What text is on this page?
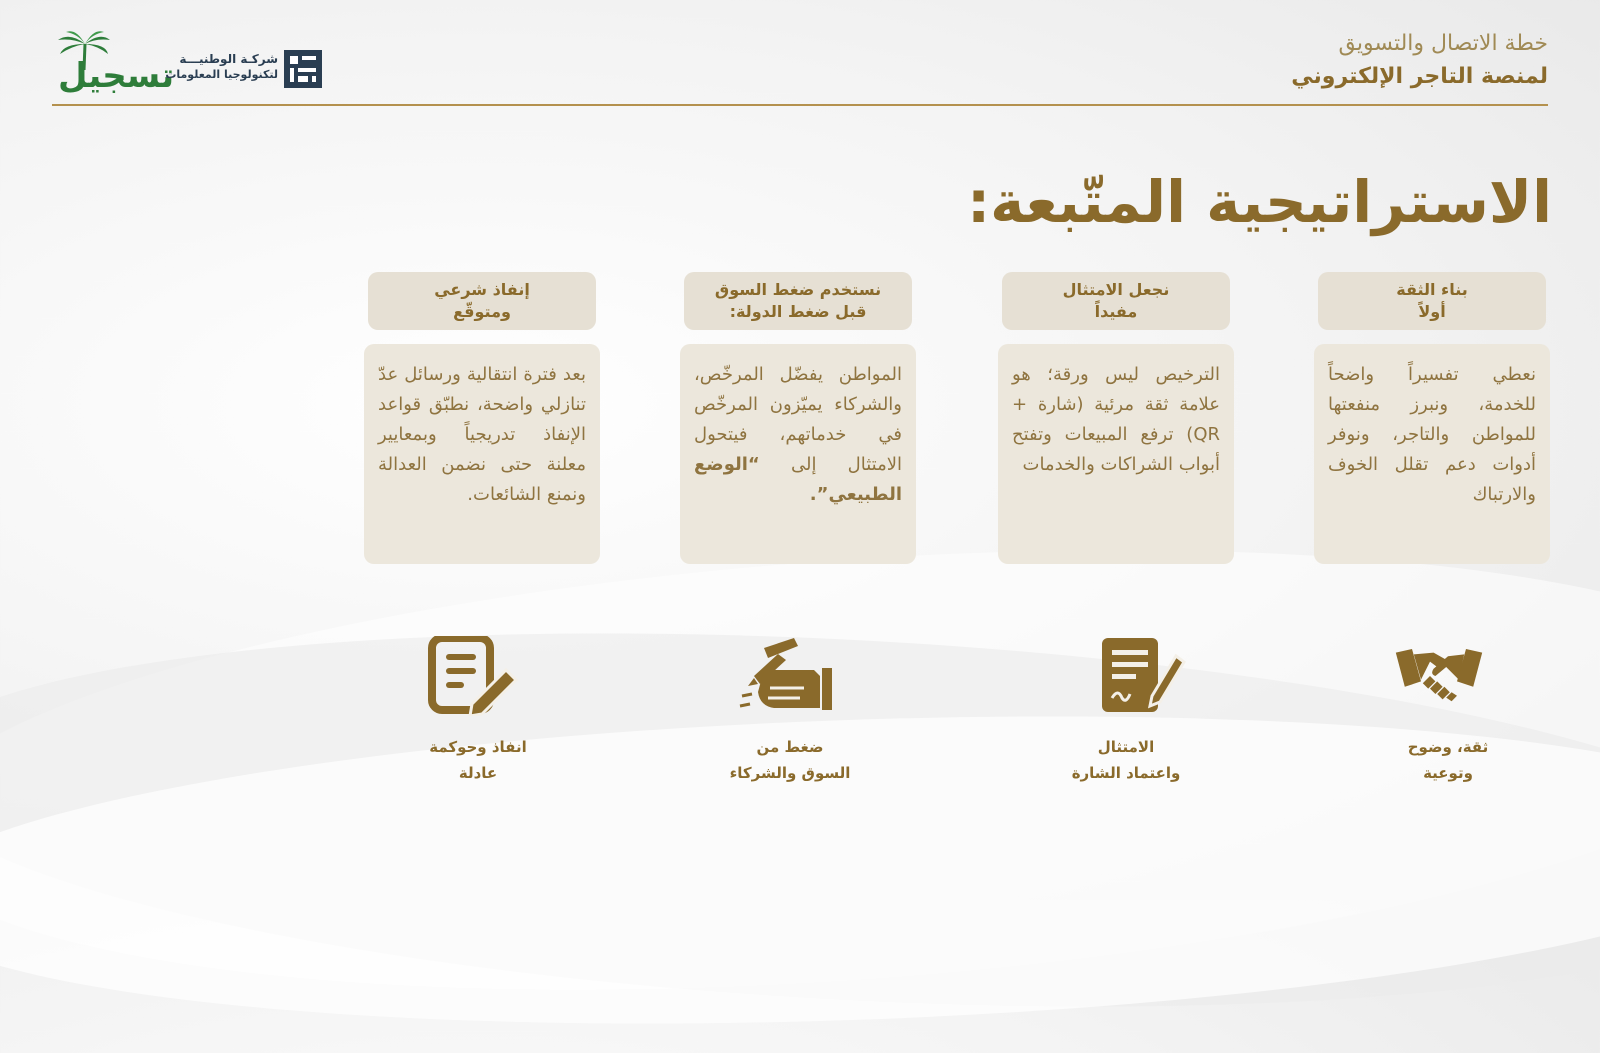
خطة الاتصال والتسويق
لمنصة التاجر الإلكتروني
تسجيل شركـة الوطنيـــة
لتكنولوجيا المعلومات
الاستراتيجية المتّبعة:
بناء الثقة
أولاً
نعطي تفسيراً واضحاً للخدمة، ونبرز منفعتها للمواطن والتاجر، ونوفر أدوات دعم تقلل الخوف والارتباك
ثقة، وضوح
وتوعية
نجعل الامتثال
مفيداً
الترخيص ليس ورقة؛ هو علامة ثقة مرئية (شارة + QR) ترفع المبيعات وتفتح أبواب الشراكات والخدمات
الامتثال
واعتماد الشارة
نستخدم ضغط السوق
قبل ضغط الدولة:
المواطن يفضّل المرخّص، والشركاء يميّزون المرخّص في خدماتهم، فيتحول الامتثال إلى “الوضع الطبيعي”.
ضغط من
السوق والشركاء
إنفاذ شرعي
ومتوقّع
بعد فترة انتقالية ورسائل عدّ تنازلي واضحة، نطبّق قواعد الإنفاذ تدريجياً وبمعايير معلنة حتى نضمن العدالة ونمنع الشائعات.
انفاذ وحوكمة
عادلة
